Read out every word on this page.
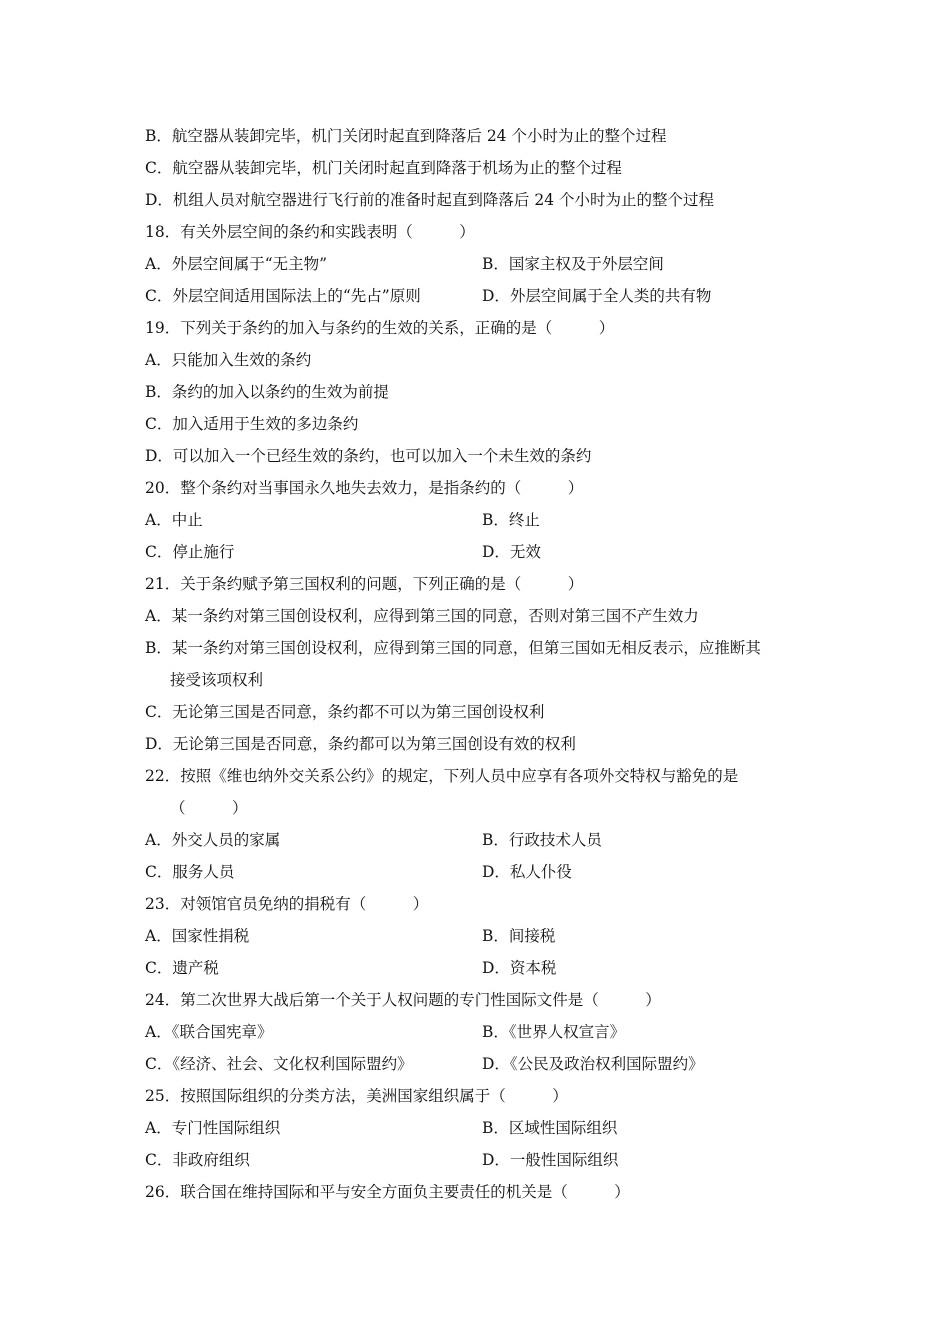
B．航空器从装卸完毕，机门关闭时起直到降落后 24 个小时为止的整个过程
C．航空器从装卸完毕，机门关闭时起直到降落于机场为止的整个过程
D．机组人员对航空器进行飞行前的准备时起直到降落后 24 个小时为止的整个过程
18．有关外层空间的条约和实践表明（　　　）
A．外层空间属于“无主物”	B．国家主权及于外层空间
C．外层空间适用国际法上的“先占”原则	D．外层空间属于全人类的共有物
19．下列关于条约的加入与条约的生效的关系，正确的是（　　　）
A．只能加入生效的条约
B．条约的加入以条约的生效为前提
C．加入适用于生效的多边条约
D．可以加入一个已经生效的条约，也可以加入一个未生效的条约
20．整个条约对当事国永久地失去效力，是指条约的（　　　）
A．中止	B．终止
C．停止施行	D．无效
21．关于条约赋予第三国权利的问题，下列正确的是（　　　）
A．某一条约对第三国创设权利，应得到第三国的同意，否则对第三国不产生效力
B．某一条约对第三国创设权利，应得到第三国的同意，但第三国如无相反表示，应推断其
接受该项权利
C．无论第三国是否同意，条约都不可以为第三国创设权利
D．无论第三国是否同意，条约都可以为第三国创设有效的权利
22．按照《维也纳外交关系公约》的规定，下列人员中应享有各项外交特权与豁免的是
（　　　）
A．外交人员的家属	B．行政技术人员
C．服务人员	D．私人仆役
23．对领馆官员免纳的捐税有（　　　）
A．国家性捐税	B．间接税
C．遗产税	D．资本税
24．第二次世界大战后第一个关于人权问题的专门性国际文件是（　　　）
A．《联合国宪章》	B．《世界人权宣言》
C．《经济、社会、文化权利国际盟约》	D．《公民及政治权利国际盟约》
25．按照国际组织的分类方法，美洲国家组织属于（　　　）
A．专门性国际组织	B．区域性国际组织
C．非政府组织	D．一般性国际组织
26．联合国在维持国际和平与安全方面负主要责任的机关是（　　　）
